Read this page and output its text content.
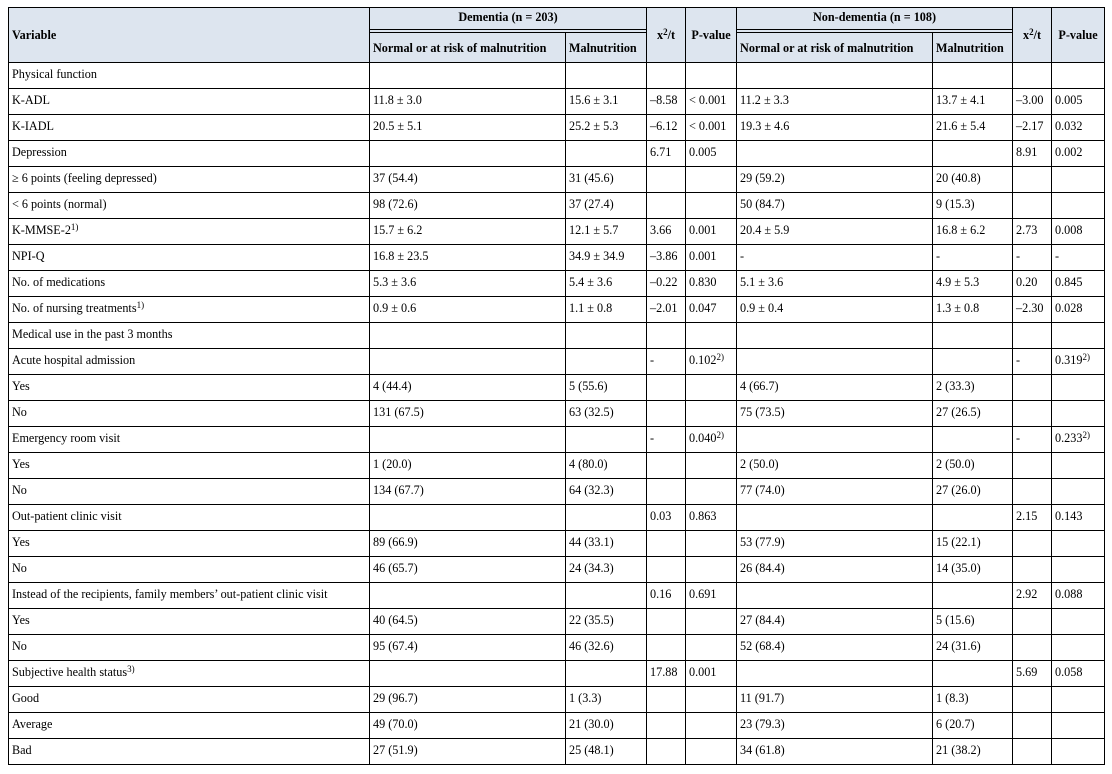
Variable	Dementia (n = 203)		$x^2/t$	P-value	Non-dementia (n = 108)		$x^2/t$	P-value
	Normal or at risk of malnutrition	Malnutrition			Normal or at risk of malnutrition	Malnutrition		
Physical function								
K-ADL	11.8 ± 3.0	15.6 ± 3.1	–8.58	< 0.001	11.2 ± 3.3	13.7 ± 4.1	–3.00	0.005
K-IADL	20.5 ± 5.1	25.2 ± 5.3	–6.12	< 0.001	19.3 ± 4.6	21.6 ± 5.4	–2.17	0.032
Depression			6.71	0.005			8.91	0.002
≥ 6 points (feeling depressed)	37 (54.4)	31 (45.6)			29 (59.2)	20 (40.8)		
< 6 points (normal)	98 (72.6)	37 (27.4)			50 (84.7)	9 (15.3)		
K-MMSE-2$^{1)}$	15.7 ± 6.2	12.1 ± 5.7	3.66	0.001	20.4 ± 5.9	16.8 ± 6.2	2.73	0.008
NPI-Q	16.8 ± 23.5	34.9 ± 34.9	–3.86	0.001	-	-	-	-
No. of medications	5.3 ± 3.6	5.4 ± 3.6	–0.22	0.830	5.1 ± 3.6	4.9 ± 5.3	0.20	0.845
No. of nursing treatments$^{1)}$	0.9 ± 0.6	1.1 ± 0.8	–2.01	0.047	0.9 ± 0.4	1.3 ± 0.8	–2.30	0.028
Medical use in the past 3 months								
Acute hospital admission			-	0.102$^{2)}$			-	0.319$^{2)}$
Yes	4 (44.4)	5 (55.6)			4 (66.7)	2 (33.3)		
No	131 (67.5)	63 (32.5)			75 (73.5)	27 (26.5)		
Emergency room visit			-	0.040$^{2)}$			-	0.233$^{2)}$
Yes	1 (20.0)	4 (80.0)			2 (50.0)	2 (50.0)		
No	134 (67.7)	64 (32.3)			77 (74.0)	27 (26.0)		
Out-patient clinic visit			0.03	0.863			2.15	0.143
Yes	89 (66.9)	44 (33.1)			53 (77.9)	15 (22.1)		
No	46 (65.7)	24 (34.3)			26 (84.4)	14 (35.0)		
Instead of the recipients, family members’ out-patient clinic visit			0.16	0.691			2.92	0.088
Yes	40 (64.5)	22 (35.5)			27 (84.4)	5 (15.6)		
No	95 (67.4)	46 (32.6)			52 (68.4)	24 (31.6)		
Subjective health status$^{3)}$			17.88	0.001			5.69	0.058
Good	29 (96.7)	1 (3.3)			11 (91.7)	1 (8.3)		
Average	49 (70.0)	21 (30.0)			23 (79.3)	6 (20.7)		
Bad	27 (51.9)	25 (48.1)			34 (61.8)	21 (38.2)		
